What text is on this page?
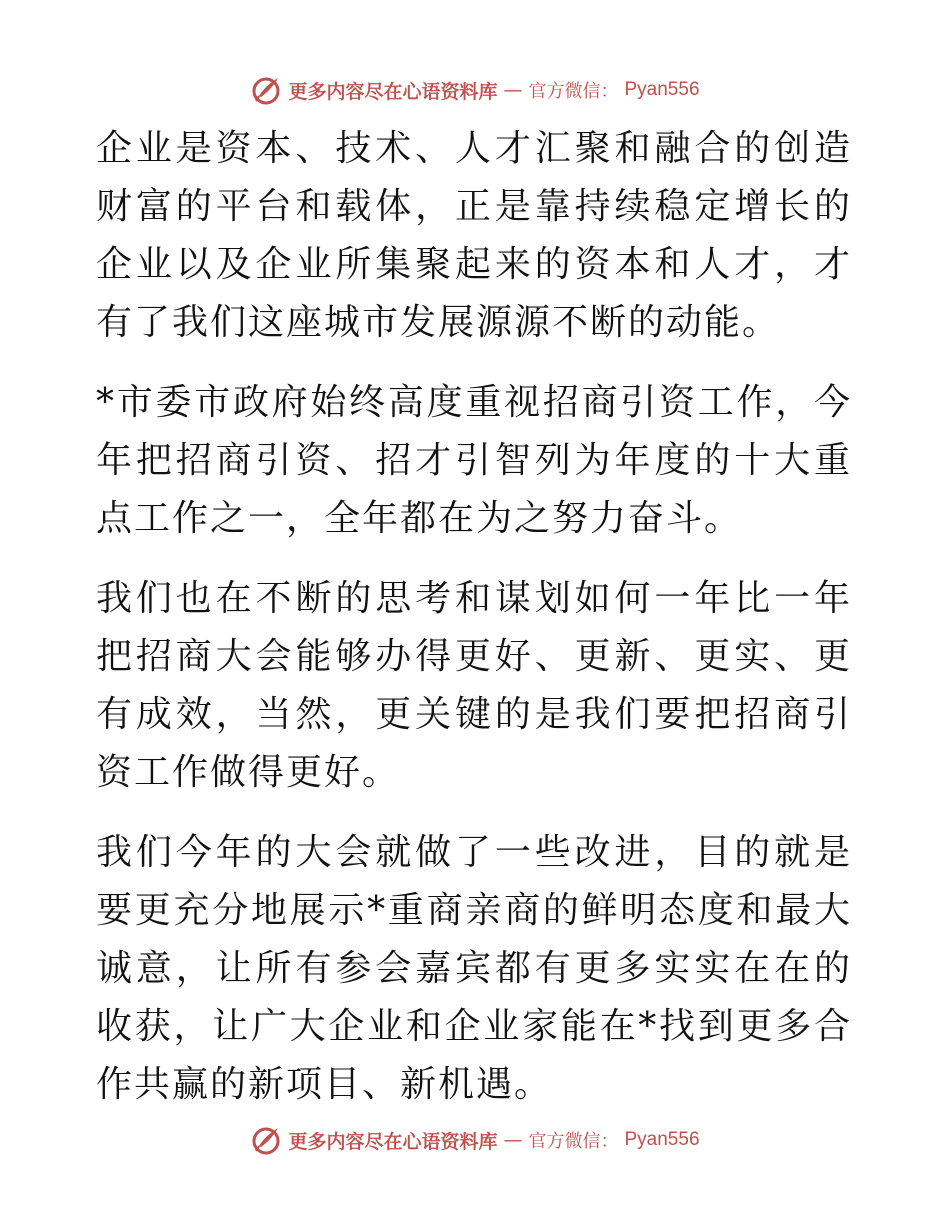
更多内容尽在心语资料库 — 官方微信： Pyan556

企业是资本、技术、人才汇聚和融合的创造财富的平台和载体，正是靠持续稳定增长的企业以及企业所集聚起来的资本和人才，才有了我们这座城市发展源源不断的动能。

*市委市政府始终高度重视招商引资工作，今年把招商引资、招才引智列为年度的十大重点工作之一，全年都在为之努力奋斗。

我们也在不断的思考和谋划如何一年比一年把招商大会能够办得更好、更新、更实、更有成效，当然，更关键的是我们要把招商引资工作做得更好。

我们今年的大会就做了一些改进，目的就是要更充分地展示*重商亲商的鲜明态度和最大诚意，让所有参会嘉宾都有更多实实在在的收获，让广大企业和企业家能在*找到更多合作共赢的新项目、新机遇。

更多内容尽在心语资料库 — 官方微信： Pyan556
